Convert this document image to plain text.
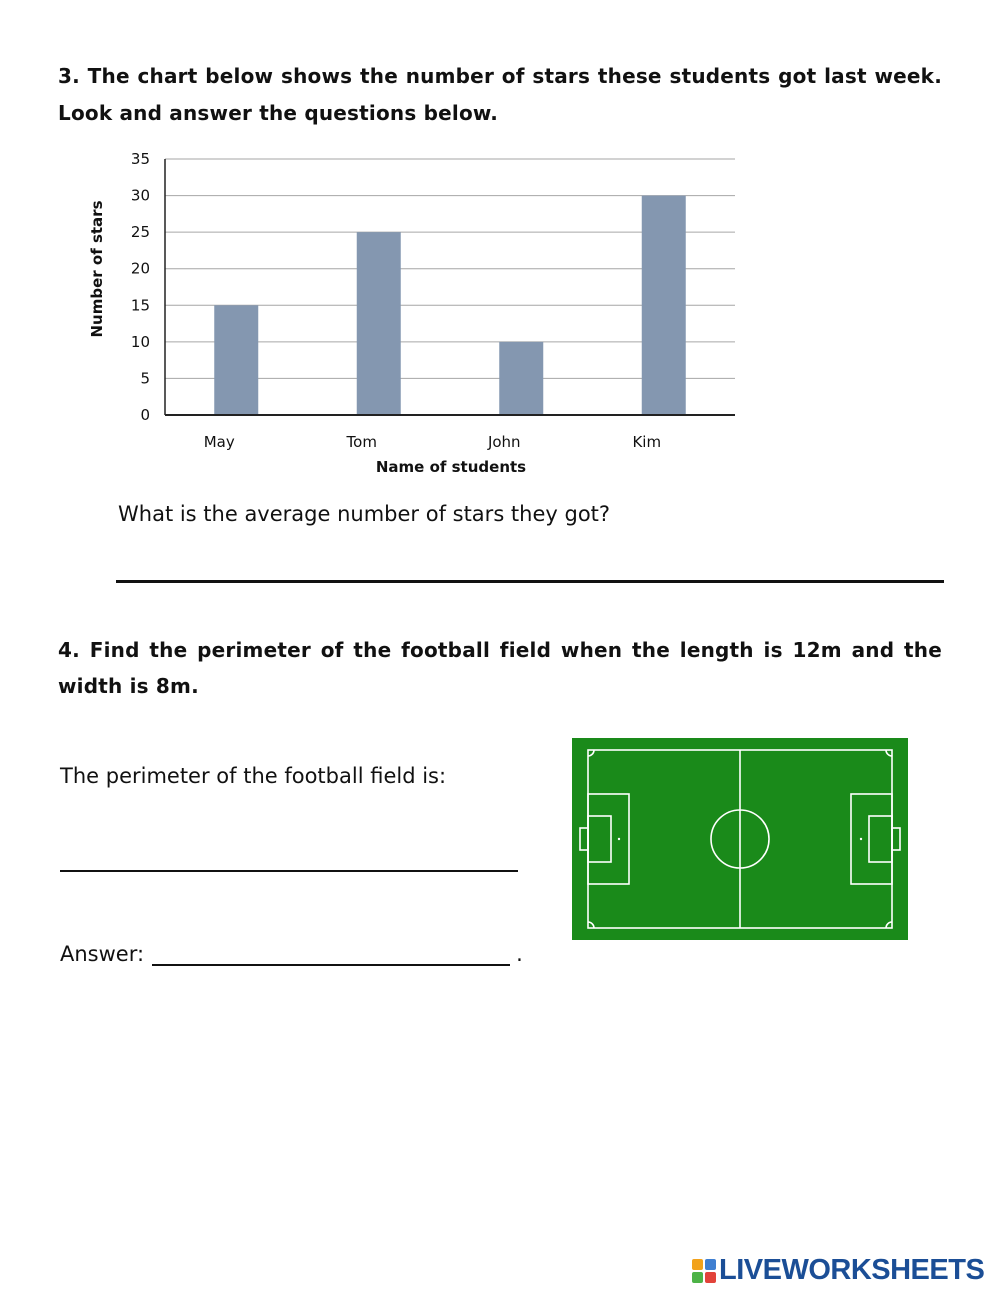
3. The chart below shows the number of stars these students got last week. Look and answer the questions below.
0
5
10
15
20
25
30
35
May	Tom	John	Kim
Name of students
Number of stars
What is the average number of stars they got?
4. Find the perimeter of the football field when the length is 12m and the width is 8m.
The perimeter of the football field is:
Answer:	.
LIVEWORKSHEETS
